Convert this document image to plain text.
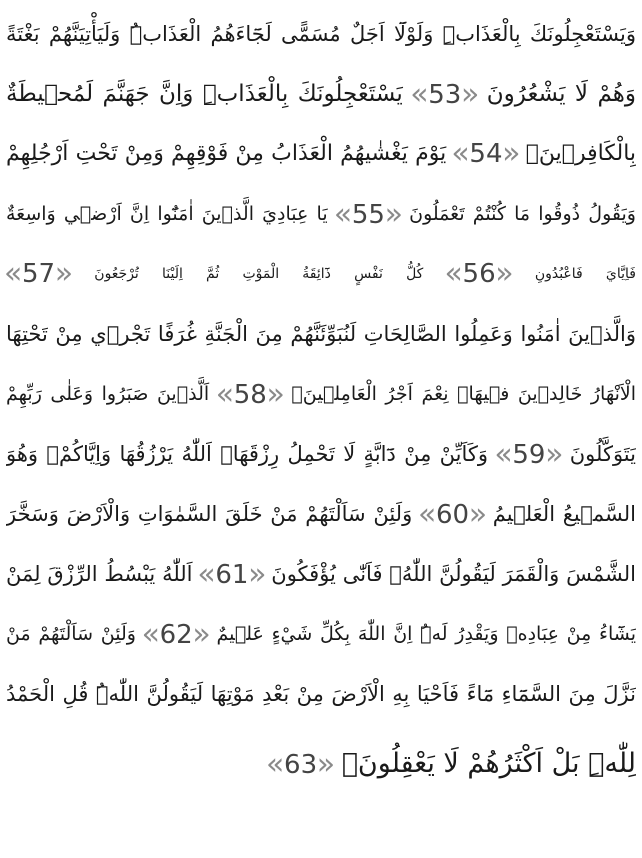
وَيَسْتَعْجِلُونَكَ بِالْعَذَابِۜ وَلَوْلَٓا اَجَلٌ مُسَمًّى لَجَٓاءَهُمُ الْعَذَابُۜ وَلَيَأْتِيَنَّهُمْ بَغْتَةً
وَهُمْ لَا يَشْعُرُونَ « 53 » يَسْتَعْجِلُونَكَ بِالْعَذَابِۜ وَاِنَّ جَهَنَّمَ لَمُحٖيطَةٌ
بِالْكَافِرٖينَۙ « 54 » يَوْمَ يَغْشٰيهُمُ الْعَذَابُ مِنْ فَوْقِهِمْ وَمِنْ تَحْتِ اَرْجُلِهِمْ
وَيَقُولُ ذُوقُوا مَا كُنْتُمْ تَعْمَلُونَ « 55 » يَا عِبَادِيَ الَّذٖينَ اٰمَنُٓوا اِنَّ اَرْضٖي وَاسِعَةٌ
فَاِيَّايَ فَاعْبُدُونِ « 56 » كُلُّ نَفْسٍ ذَٓائِقَةُ الْمَوْتِ ثُمَّ اِلَيْنَا تُرْجَعُونَ « 57 »
وَالَّذٖينَ اٰمَنُوا وَعَمِلُوا الصَّالِحَاتِ لَنُبَوِّئَنَّهُمْ مِنَ الْجَنَّةِ غُرَفًا تَجْرٖي مِنْ تَحْتِهَا
الْاَنْهَارُ خَالِدٖينَ فٖيهَاۜ نِعْمَ اَجْرُ الْعَامِلٖينَۗ « 58 » اَلَّذٖينَ صَبَرُوا وَعَلٰى رَبِّهِمْ
يَتَوَكَّلُونَ « 59 » وَكَاَيِّنْ مِنْ دَٓابَّةٍ لَا تَحْمِلُ رِزْقَهَاۗ اَللّٰهُ يَرْزُقُهَا وَاِيَّاكُمْۘ وَهُوَ
السَّمٖيعُ الْعَلٖيمُ « 60 » وَلَئِنْ سَاَلْتَهُمْ مَنْ خَلَقَ السَّمٰوَاتِ وَالْاَرْضَ وَسَخَّرَ
الشَّمْسَ وَالْقَمَرَ لَيَقُولُنَّ اللّٰهُۚ فَاَنّٰى يُؤْفَكُونَ « 61 » اَللّٰهُ يَبْسُطُ الرِّزْقَ لِمَنْ
يَشَٓاءُ مِنْ عِبَادِهٖ وَيَقْدِرُ لَهُۜ اِنَّ اللّٰهَ بِكُلِّ شَيْءٍ عَلٖيمٌ « 62 » وَلَئِنْ سَاَلْتَهُمْ مَنْ
نَزَّلَ مِنَ السَّمَٓاءِ مَٓاءً فَاَحْيَا بِهِ الْاَرْضَ مِنْ بَعْدِ مَوْتِهَا لَيَقُولُنَّ اللّٰهُۜ قُلِ الْحَمْدُ
لِلّٰهِۜ بَلْ اَكْثَرُهُمْ لَا يَعْقِلُونَ۟ « 63 »
